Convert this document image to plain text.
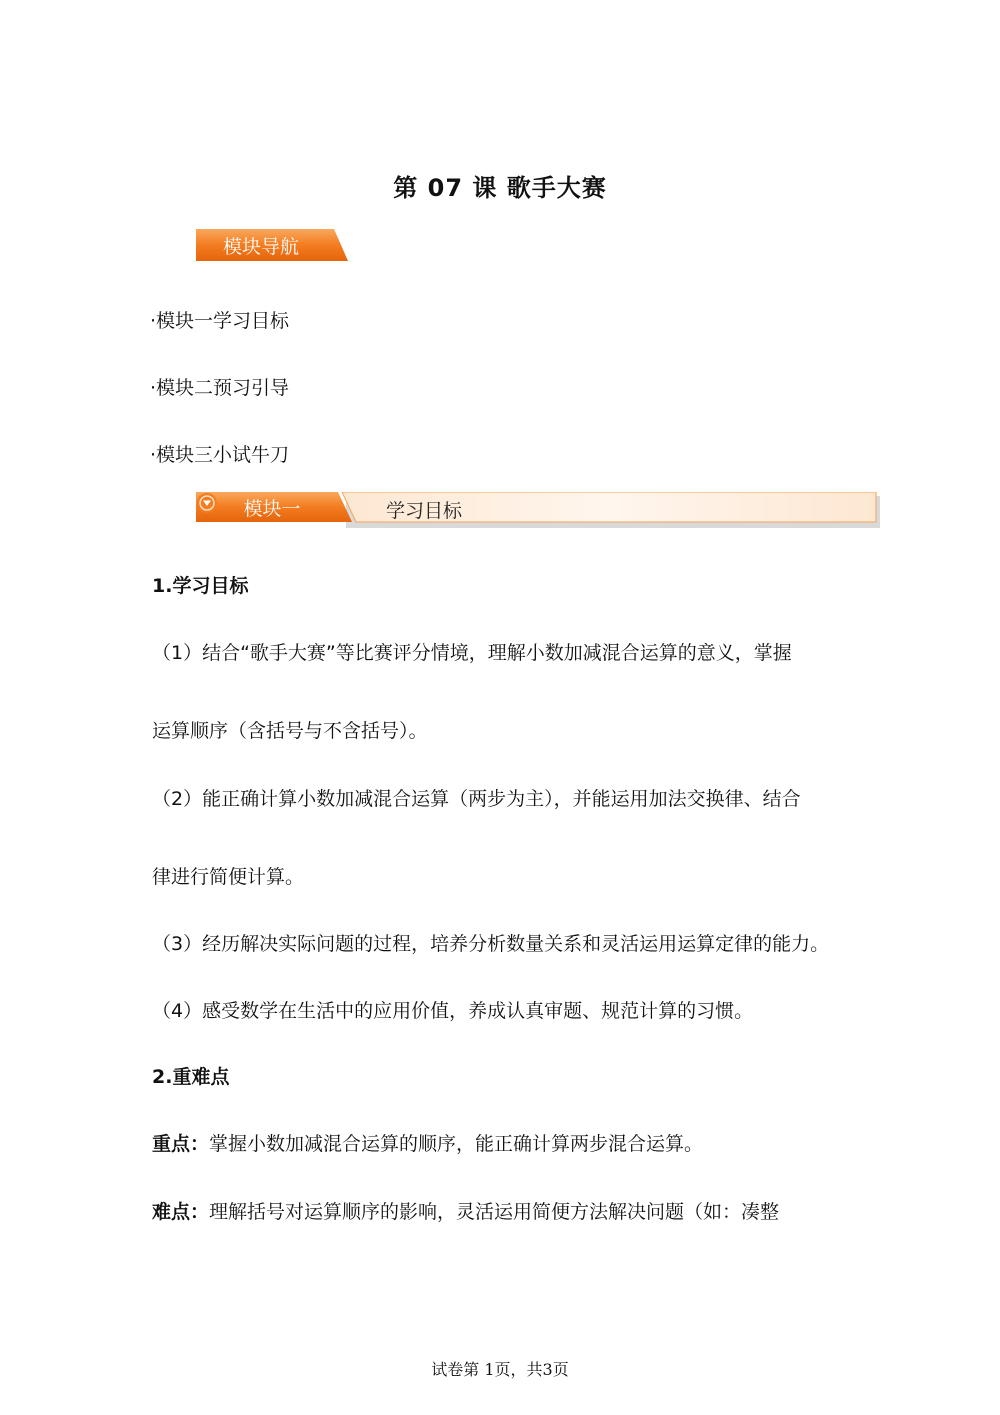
第 07 课 歌手大赛
模块导航
·模块一学习目标
·模块二预习引导
·模块三小试牛刀
模块一	学习目标
1.学习目标
（1）结合“歌手大赛”等比赛评分情境，理解小数加减混合运算的意义，掌握
运算顺序（含括号与不含括号）。
（2）能正确计算小数加减混合运算（两步为主），并能运用加法交换律、结合
律进行简便计算。
（3）经历解决实际问题的过程，培养分析数量关系和灵活运用运算定律的能力。
（4）感受数学在生活中的应用价值，养成认真审题、规范计算的习惯。
2.重难点
重点：掌握小数加减混合运算的顺序，能正确计算两步混合运算。
难点：理解括号对运算顺序的影响，灵活运用简便方法解决问题（如：凑整
试卷第 1页，共3页
